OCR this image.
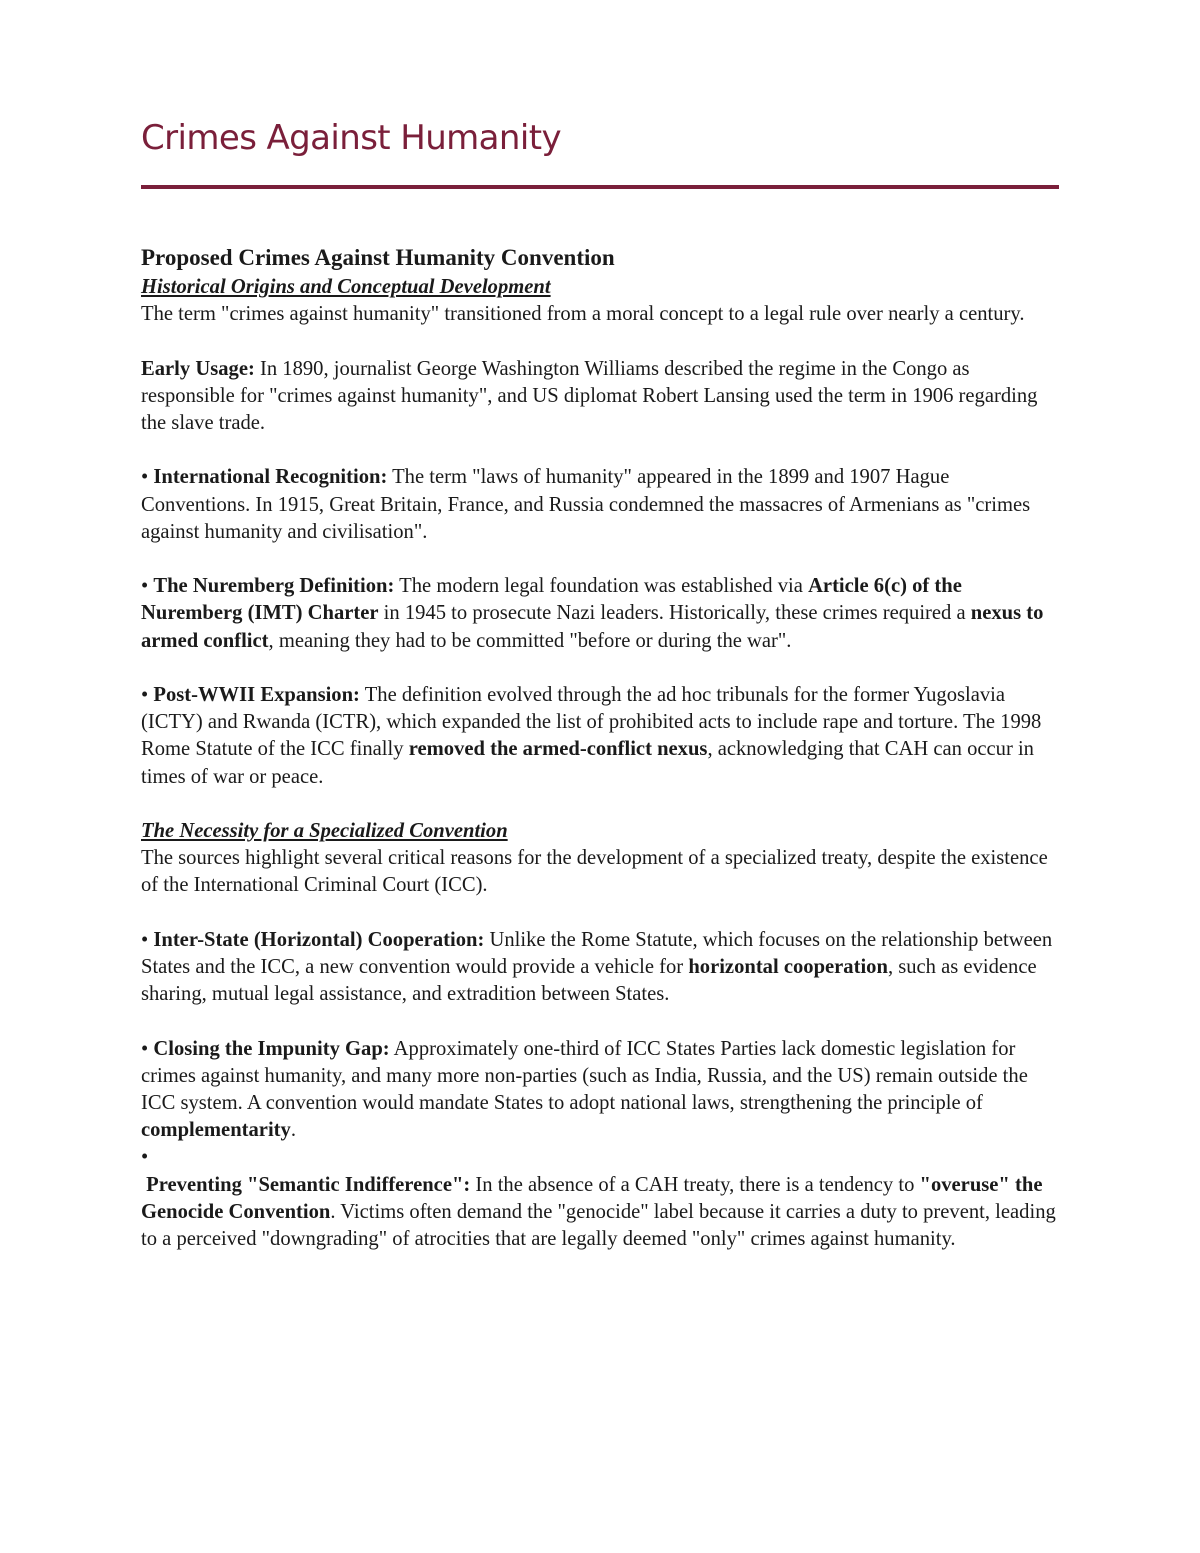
Crimes Against Humanity

Proposed Crimes Against Humanity Convention

Historical Origins and Conceptual Development

The term "crimes against humanity" transitioned from a moral concept to a legal rule over nearly a century.

Early Usage: In 1890, journalist George Washington Williams described the regime in the Congo as responsible for "crimes against humanity", and US diplomat Robert Lansing used the term in 1906 regarding the slave trade.

• International Recognition: The term "laws of humanity" appeared in the 1899 and 1907 Hague Conventions. In 1915, Great Britain, France, and Russia condemned the massacres of Armenians as "crimes against humanity and civilisation".

• The Nuremberg Definition: The modern legal foundation was established via Article 6(c) of the Nuremberg (IMT) Charter in 1945 to prosecute Nazi leaders. Historically, these crimes required a nexus to armed conflict, meaning they had to be committed "before or during the war".

• Post-WWII Expansion: The definition evolved through the ad hoc tribunals for the former Yugoslavia (ICTY) and Rwanda (ICTR), which expanded the list of prohibited acts to include rape and torture. The 1998 Rome Statute of the ICC finally removed the armed-conflict nexus, acknowledging that CAH can occur in times of war or peace.

The Necessity for a Specialized Convention

The sources highlight several critical reasons for the development of a specialized treaty, despite the existence of the International Criminal Court (ICC).

• Inter-State (Horizontal) Cooperation: Unlike the Rome Statute, which focuses on the relationship between States and the ICC, a new convention would provide a vehicle for horizontal cooperation, such as evidence sharing, mutual legal assistance, and extradition between States.

• Closing the Impunity Gap: Approximately one-third of ICC States Parties lack domestic legislation for crimes against humanity, and many more non-parties (such as India, Russia, and the US) remain outside the ICC system. A convention would mandate States to adopt national laws, strengthening the principle of complementarity.

•

Preventing "Semantic Indifference": In the absence of a CAH treaty, there is a tendency to "overuse" the Genocide Convention. Victims often demand the "genocide" label because it carries a duty to prevent, leading to a perceived "downgrading" of atrocities that are legally deemed "only" crimes against humanity.
